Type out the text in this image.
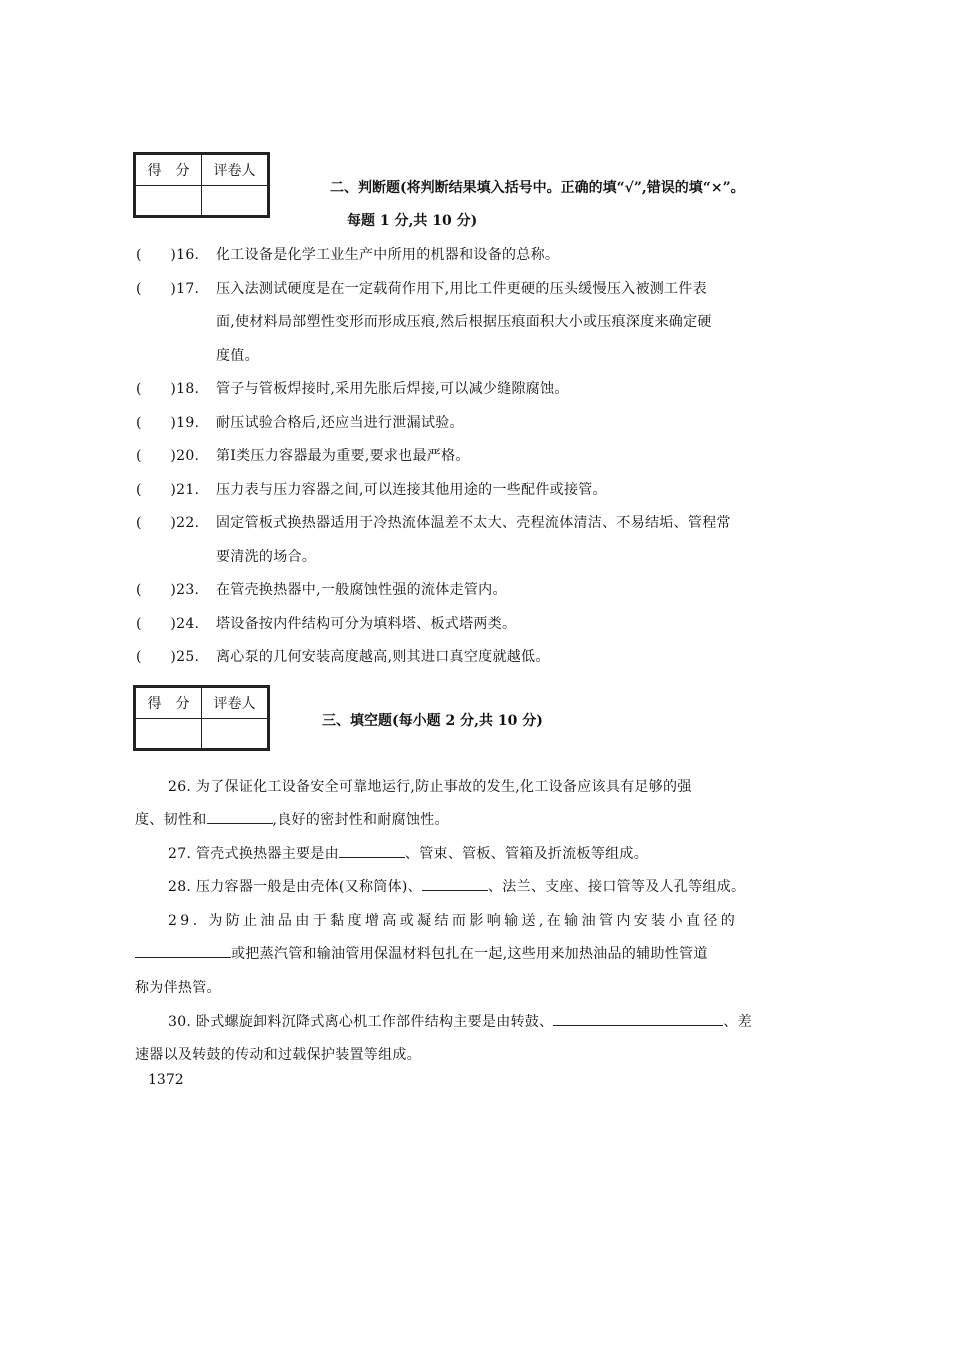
得　分	评卷人

二、判断题(将判断结果填入括号中。正确的填“√”,错误的填“×”。
每题 1 分,共 10 分)
(　　)16. 化工设备是化学工业生产中所用的机器和设备的总称。
(　　)17. 压入法测试硬度是在一定载荷作用下,用比工件更硬的压头缓慢压入被测工件表
面,使材料局部塑性变形而形成压痕,然后根据压痕面积大小或压痕深度来确定硬
度值。
(　　)18. 管子与管板焊接时,采用先胀后焊接,可以减少缝隙腐蚀。
(　　)19. 耐压试验合格后,还应当进行泄漏试验。
(　　)20. 第Ⅰ类压力容器最为重要,要求也最严格。
(　　)21. 压力表与压力容器之间,可以连接其他用途的一些配件或接管。
(　　)22. 固定管板式换热器适用于冷热流体温差不太大、壳程流体清洁、不易结垢、管程常
要清洗的场合。
(　　)23. 在管壳换热器中,一般腐蚀性强的流体走管内。
(　　)24. 塔设备按内件结构可分为填料塔、板式塔两类。
(　　)25. 离心泵的几何安装高度越高,则其进口真空度就越低。
得　分	评卷人

三、填空题(每小题 2 分,共 10 分)
26. 为了保证化工设备安全可靠地运行,防止事故的发生,化工设备应该具有足够的强
度、韧性和	,良好的密封性和耐腐蚀性。
27. 管壳式换热器主要是由	、管束、管板、管箱及折流板等组成。
28. 压力容器一般是由壳体(又称筒体)、	、法兰、支座、接口管等及人孔等组成。
29. 为防止油品由于黏度增高或凝结而影响输送,在输油管内安装小直径的
或把蒸汽管和输油管用保温材料包扎在一起,这些用来加热油品的辅助性管道
称为伴热管。
30. 卧式螺旋卸料沉降式离心机工作部件结构主要是由转鼓、	、差
速器以及转鼓的传动和过载保护装置等组成。
1372
